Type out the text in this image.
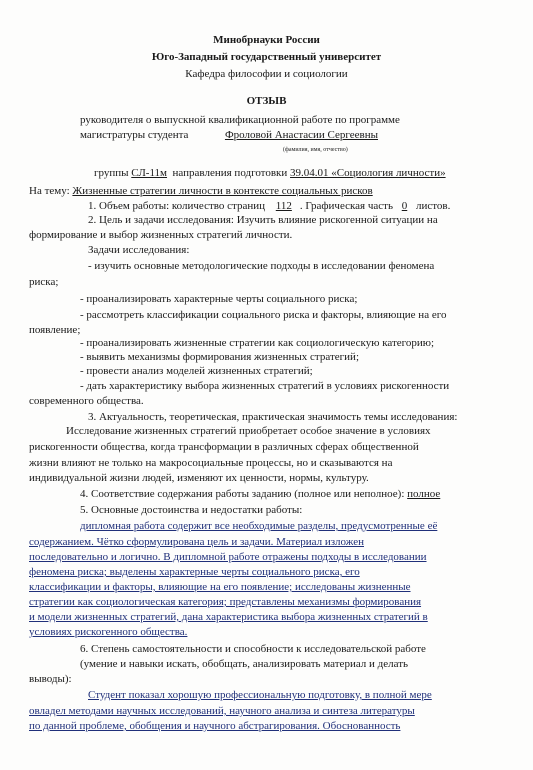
Минобрнауки России
Юго-Западный государственный университет
Кафедра философии и социологии
ОТЗЫВ
руководителя о выпускной квалификационной работе по программе
магистратуры студента	Фроловой Анастасии Сергеевны
(фамилия, имя, отчество)
группы СЛ-11м направления подготовки 39.04.01 «Социология личности»
На тему: Жизненные стратегии личности в контексте социальных рисков
1. Объем работы: количество страниц 112 . Графическая часть 0 листов.
2. Цель и задачи исследования: Изучить влияние рискогенной ситуации на
формирование и выбор жизненных стратегий личности.
Задачи исследования:
- изучить основные методологические подходы в исследовании феномена
риска;
- проанализировать характерные черты социального риска;
- рассмотреть классификации социального риска и факторы, влияющие на его
появление;
- проанализировать жизненные стратегии как социологическую категорию;
- выявить механизмы формирования жизненных стратегий;
- провести анализ моделей жизненных стратегий;
- дать характеристику выбора жизненных стратегий в условиях рискогенности
современного общества.
3. Актуальность, теоретическая, практическая значимость темы исследования:
Исследование жизненных стратегий приобретает особое значение в условиях
рискогенности общества, когда трансформации в различных сферах общественной
жизни влияют не только на макросоциальные процессы, но и сказываются на
индивидуальной жизни людей, изменяют их ценности, нормы, культуру.
4. Соответствие содержания работы заданию (полное или неполное): полное
5. Основные достоинства и недостатки работы:
дипломная работа содержит все необходимые разделы, предусмотренные её
содержанием. Чётко сформулирована цель и задачи. Материал изложен
последовательно и логично. В дипломной работе отражены подходы в исследовании
феномена риска; выделены характерные черты социального риска, его
классификации и факторы, влияющие на его появление; исследованы жизненные
стратегии как социологическая категория; представлены механизмы формирования
и модели жизненных стратегий, дана характеристика выбора жизненных стратегий в
условиях рискогенного общества.
6. Степень самостоятельности и способности к исследовательской работе
(умение и навыки искать, обобщать, анализировать материал и делать
выводы):
Студент показал хорошую профессиональную подготовку, в полной мере
овладел методами научных исследований, научного анализа и синтеза литературы
по данной проблеме, обобщения и научного абстрагирования. Обоснованность
